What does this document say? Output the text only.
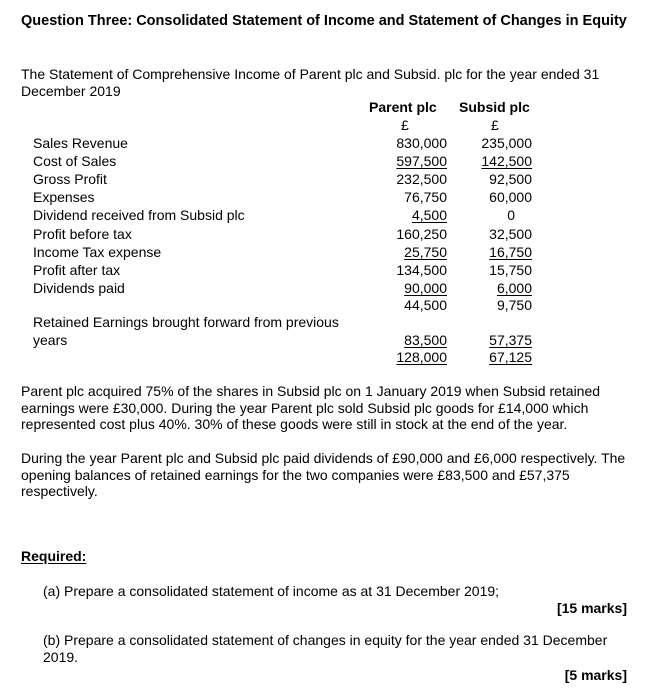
Question Three: Consolidated Statement of Income and Statement of Changes in Equity
The Statement of Comprehensive Income of Parent plc and Subsid. plc for the year ended 31 December 2019
Parent plc Subsid plc
£	£
Sales Revenue
Cost of Sales
Gross Profit
Expenses
Dividend received from Subsid plc
Profit before tax
Income Tax expense
Profit after tax
Dividends paid
Retained Earnings brought forward from previous
years
830,000
597,500
232,500
76,750
4,500
160,250
25,750
134,500
90,000
44,500
83,500
128,000
235,000
142,500
92,500
60,000
0
32,500
16,750
15,750
6,000
9,750
57,375
67,125
Parent plc acquired 75% of the shares in Subsid plc on 1 January 2019 when Subsid retained earnings were £30,000. During the year Parent plc sold Subsid plc goods for £14,000 which represented cost plus 40%. 30% of these goods were still in stock at the end of the year.
During the year Parent plc and Subsid plc paid dividends of £90,000 and £6,000 respectively. The opening balances of retained earnings for the two companies were £83,500 and £57,375 respectively.
Required:
(a) Prepare a consolidated statement of income as at 31 December 2019;
[15 marks]
(b) Prepare a consolidated statement of changes in equity for the year ended 31 December 2019.
[5 marks]
